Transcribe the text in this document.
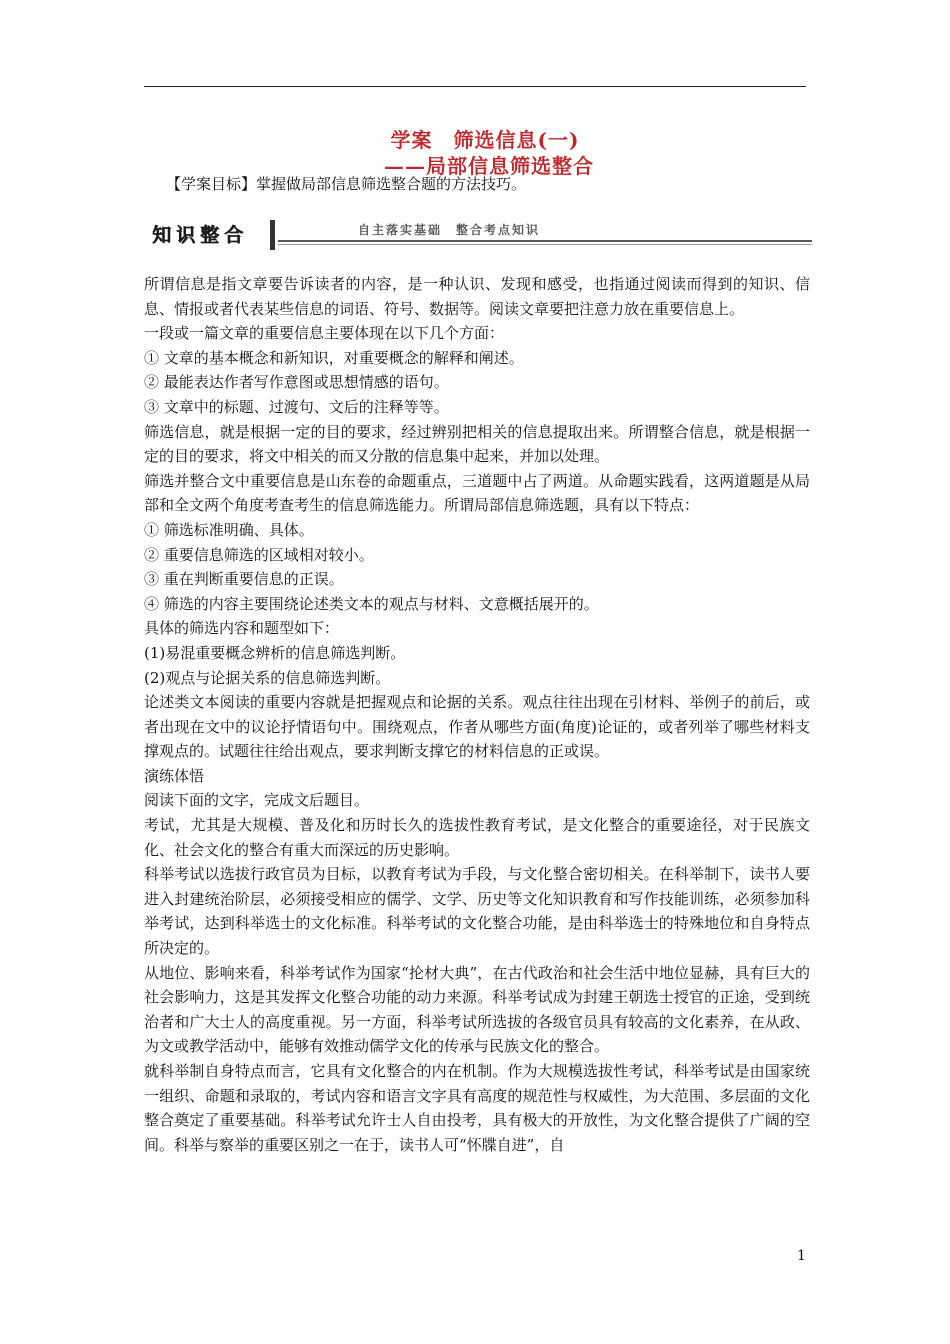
学案　筛选信息(一)
——局部信息筛选整合
【学案目标】掌握做局部信息筛选整合题的方法技巧。
知识整合	自主落实基础　整合考点知识

所谓信息是指文章要告诉读者的内容，是一种认识、发现和感受，也指通过阅读而得到的知识、信息、情报或者代表某些信息的词语、符号、数据等。阅读文章要把注意力放在重要信息上。

一段或一篇文章的重要信息主要体现在以下几个方面：

① 文章的基本概念和新知识，对重要概念的解释和阐述。

② 最能表达作者写作意图或思想情感的语句。

③ 文章中的标题、过渡句、文后的注释等等。

筛选信息，就是根据一定的目的要求，经过辨别把相关的信息提取出来。所谓整合信息，就是根据一定的目的要求，将文中相关的而又分散的信息集中起来，并加以处理。

筛选并整合文中重要信息是山东卷的命题重点，三道题中占了两道。从命题实践看，这两道题是从局部和全文两个角度考查考生的信息筛选能力。所谓局部信息筛选题，具有以下特点：

① 筛选标准明确、具体。

② 重要信息筛选的区域相对较小。

③ 重在判断重要信息的正误。

④ 筛选的内容主要围绕论述类文本的观点与材料、文意概括展开的。

具体的筛选内容和题型如下：

(1)易混重要概念辨析的信息筛选判断。

(2)观点与论据关系的信息筛选判断。

论述类文本阅读的重要内容就是把握观点和论据的关系。观点往往出现在引材料、举例子的前后，或者出现在文中的议论抒情语句中。围绕观点，作者从哪些方面(角度)论证的，或者列举了哪些材料支撑观点的。试题往往给出观点，要求判断支撑它的材料信息的正或误。

演练体悟

阅读下面的文字，完成文后题目。

考试，尤其是大规模、普及化和历时长久的选拔性教育考试，是文化整合的重要途径，对于民族文化、社会文化的整合有重大而深远的历史影响。

科举考试以选拔行政官员为目标，以教育考试为手段，与文化整合密切相关。在科举制下，读书人要进入封建统治阶层，必须接受相应的儒学、文学、历史等文化知识教育和写作技能训练，必须参加科举考试，达到科举选士的文化标准。科举考试的文化整合功能，是由科举选士的特殊地位和自身特点所决定的。

从地位、影响来看，科举考试作为国家“抡材大典”，在古代政治和社会生活中地位显赫，具有巨大的社会影响力，这是其发挥文化整合功能的动力来源。科举考试成为封建王朝选士授官的正途，受到统治者和广大士人的高度重视。另一方面，科举考试所选拔的各级官员具有较高的文化素养，在从政、为文或教学活动中，能够有效推动儒学文化的传承与民族文化的整合。

就科举制自身特点而言，它具有文化整合的内在机制。作为大规模选拔性考试，科举考试是由国家统一组织、命题和录取的，考试内容和语言文字具有高度的规范性与权威性，为大范围、多层面的文化整合奠定了重要基础。科举考试允许士人自由投考，具有极大的开放性，为文化整合提供了广阔的空间。科举与察举的重要区别之一在于，读书人可“怀牒自进”，自

1
